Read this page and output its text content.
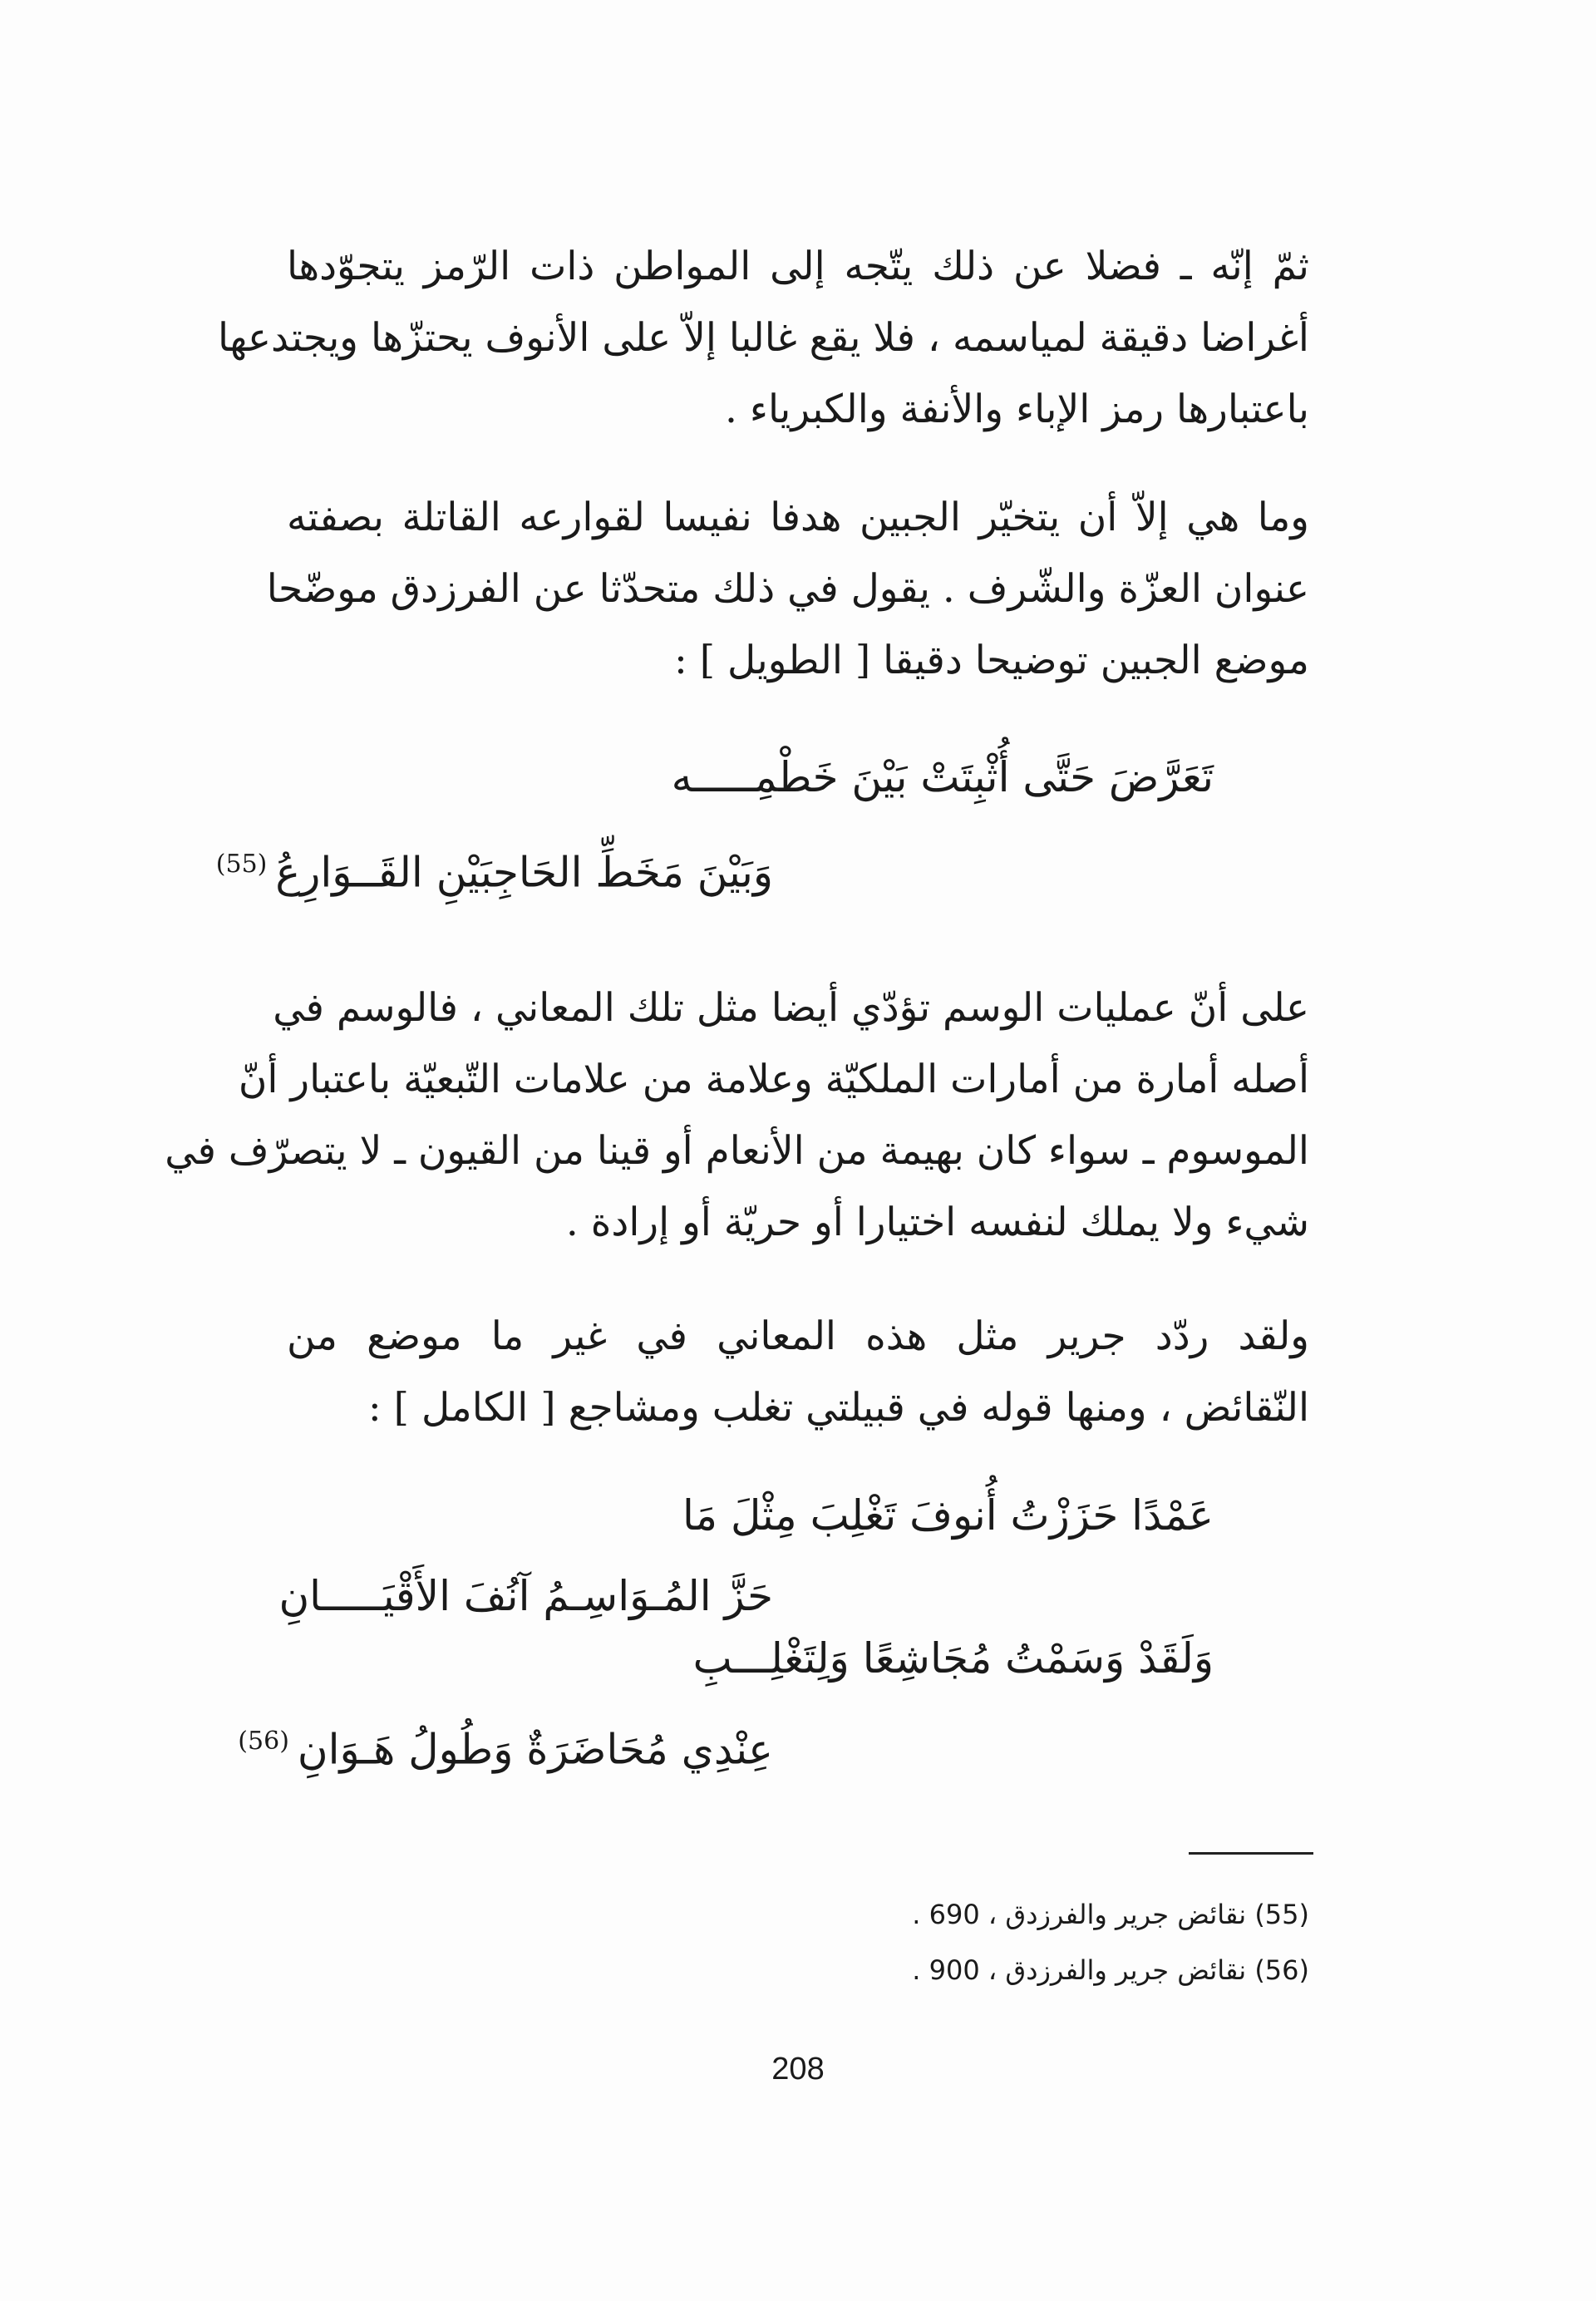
ثمّ إنّه ـ فضلا عن ذلك يتّجه إلى المواطن ذات الرّمز يتجوّدها
أغراضا دقيقة لمياسمه ، فلا يقع غالبا إلاّ على الأنوف يحتزّها ويجتدعها
باعتبارها رمز الإباء والأنفة والكبرياء .
وما هي إلاّ أن يتخيّر الجبين هدفا نفيسا لقوارعه القاتلة بصفته
عنوان العزّة والشّرف . يقول في ذلك متحدّثا عن الفرزدق موضّحا
موضع الجبين توضيحا دقيقا [ الطويل ] :
تَعَرَّضَ حَتَّى أُثْبِتَتْ بَيْنَ خَطْمِـــــه
وَبَيْنَ مَخَطِّ الحَاجِبَيْنِ القَــوَارِعُ$^{(55)}$
على أنّ عمليات الوسم تؤدّي أيضا مثل تلك المعاني ، فالوسم في
أصله أمارة من أمارات الملكيّة وعلامة من علامات التّبعيّة باعتبار أنّ
الموسوم ـ سواء كان بهيمة من الأنعام أو قينا من القيون ـ لا يتصرّف في
شيء ولا يملك لنفسه اختيارا أو حريّة أو إرادة .
ولقد ردّد جرير مثل هذه المعاني في غير ما موضع من
النّقائض ، ومنها قوله في قبيلتي تغلب ومشاجع [ الكامل ] :
عَمْدًا حَزَزْتُ أُنوفَ تَغْلِبَ مِثْلَ مَا
حَزَّ المُـوَاسِـمُ آنُفَ الأَقْيَـــــانِ
وَلَقَدْ وَسَمْتُ مُجَاشِعًا وَلِتَغْلِـــبِ
عِنْدِي مُحَاضَرَةٌ وَطُولُ هَـوَانِ$^{(56)}$
(55) نقائض جرير والفرزدق ، 690 .
(56) نقائض جرير والفرزدق ، 900 .
208
